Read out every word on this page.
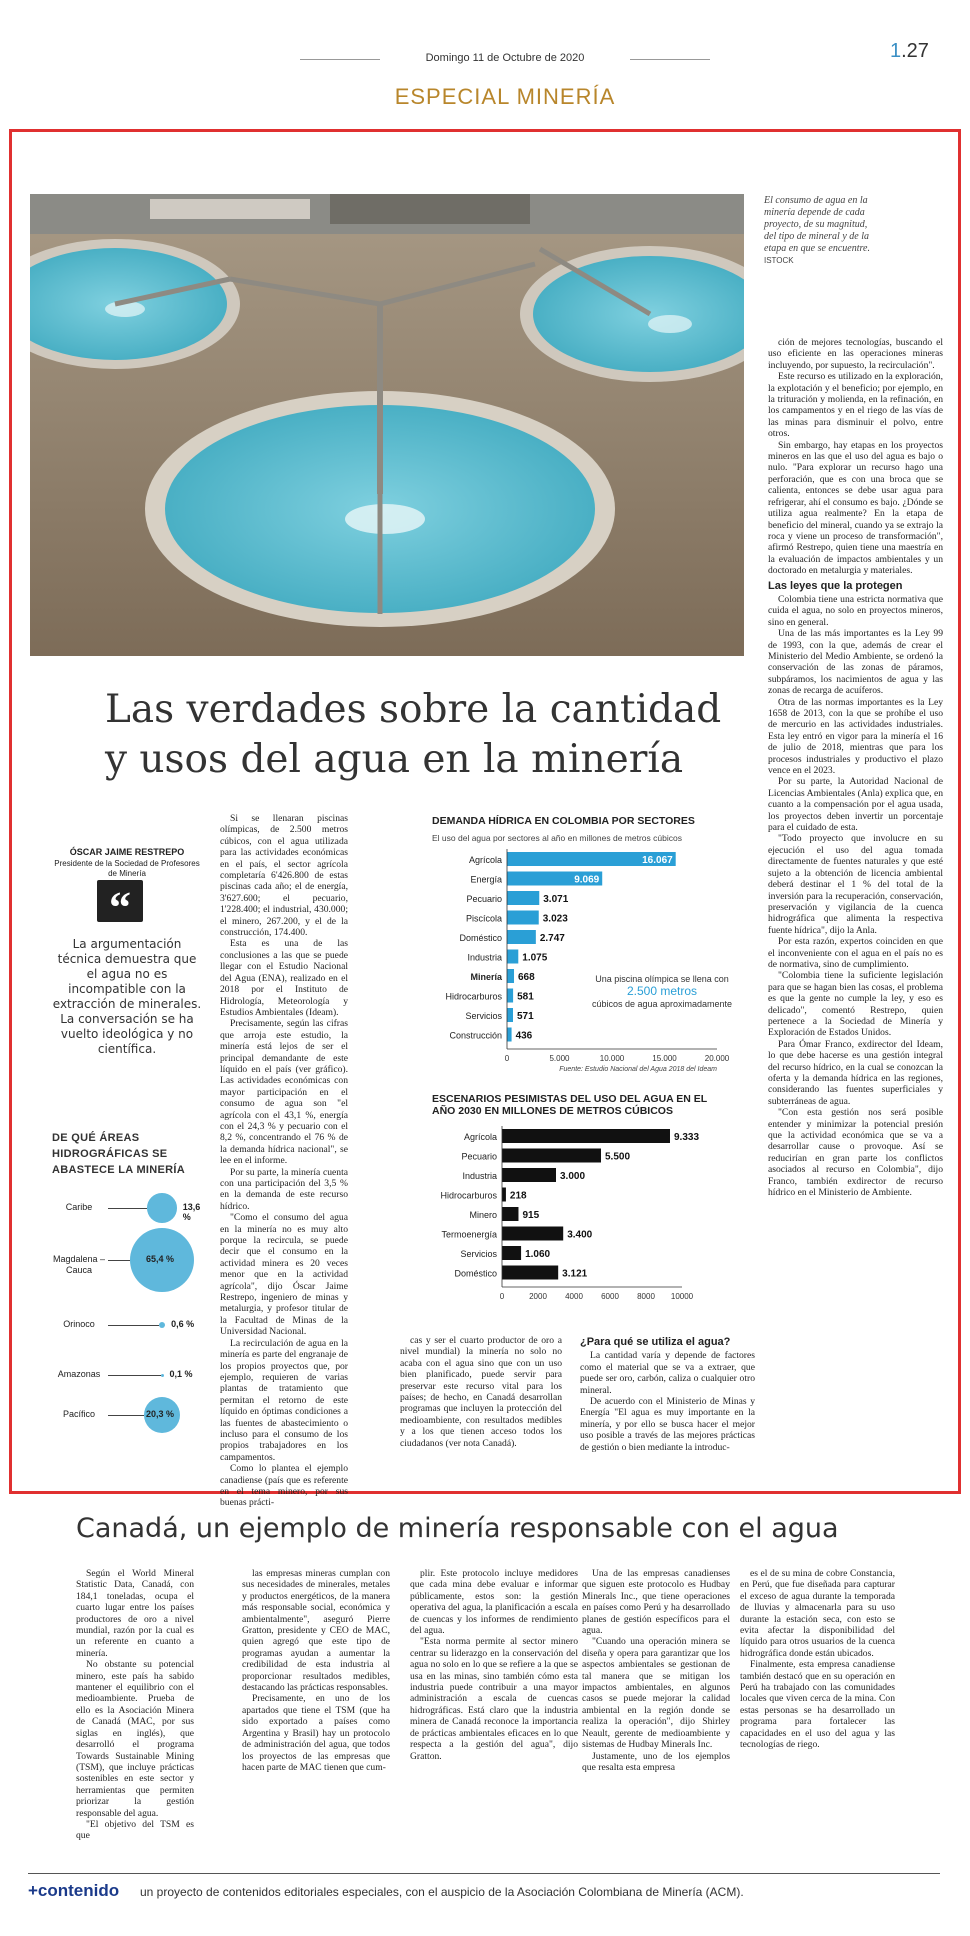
Domingo 11 de Octubre de 2020	1.27
ESPECIAL MINERÍA
El consumo de agua en la minería depende de cada proyecto, de su magnitud, del tipo de mineral y de la etapa en que se encuentre. ISTOCK
Las verdades sobre la cantidad
y usos del agua en la minería
ÓSCAR JAIME RESTREPO
Presidente de la Sociedad de Profesores de Minería
“
La argumentación técnica demuestra que el agua no es incompatible con la extracción de minerales. La conversación se ha vuelto ideológica y no científica.
DE QUÉ ÁREAS HIDROGRÁFICAS SE ABASTECE LA MINERÍA
Caribe	13,6 %
Magdalena –Cauca
65,4 %
Orinoco	0,6 %
Amazonas	0,1 %
Pacífico	20,3 %

Si se llenaran piscinas olímpicas, de 2.500 metros cúbicos, con el agua utilizada para las actividades económicas en el país, el sector agrícola completaría 6'426.800 de estas piscinas cada año; el de energía, 3'627.600; el pecuario, 1'228.400; el industrial, 430.000; el minero, 267.200, y el de la construcción, 174.400.

Esta es una de las conclusiones a las que se puede llegar con el Estudio Nacional del Agua (ENA), realizado en el 2018 por el Instituto de Hidrología, Meteorología y Estudios Ambientales (Ideam).

Precisamente, según las cifras que arroja este estudio, la minería está lejos de ser el principal demandante de este líquido en el país (ver gráfico). Las actividades económicas con mayor participación en el consumo de agua son "el agrícola con el 43,1 %, energía con el 24,3 % y pecuario con el 8,2 %, concentrando el 76 % de la demanda hídrica nacional", se lee en el informe.

Por su parte, la minería cuenta con una participación del 3,5 % en la demanda de este recurso hídrico.

"Como el consumo del agua en la minería no es muy alto porque la recircula, se puede decir que el consumo en la actividad minera es 20 veces menor que en la actividad agrícola", dijo Óscar Jaime Restrepo, ingeniero de minas y metalurgia, y profesor titular de la Facultad de Minas de la Universidad Nacional.

La recirculación de agua en la minería es parte del engranaje de los propios proyectos que, por ejemplo, requieren de varias plantas de tratamiento que permitan el retorno de este líquido en óptimas condiciones a las fuentes de abastecimiento o incluso para el consumo de los propios trabajadores en los campamentos.

Como lo plantea el ejemplo canadiense (país que es referente en el tema minero, por sus buenas prácti-

DEMANDA HÍDRICA EN COLOMBIA POR SECTORES
El uso del agua por sectores al año en millones de metros cúbicos
Agrícola	16.067
Energía	9.069
Pecuario	3.071
Piscícola	3.023
Doméstico	2.747
Industria 1.075
Minería 668
Hidrocarburos 581
Servicios 571
Construcción 436
0	5.000	10.000	15.000	20.000
Fuente: Estudio Nacional del Agua 2018 del Ideam
Una piscina olímpica se llena con
2.500 metros
cúbicos de agua aproximadamente
ESCENARIOS PESIMISTAS DEL USO DEL AGUA EN EL AÑO 2030 EN MILLONES DE METROS CÚBICOS
Agrícola	9.333
Pecuario	5.500
Industria	3.000
Hidrocarburos 218
Minero	915
Termoenergía	3.400
Servicios	1.060
Doméstico	3.121
0	2000 4000 6000 8000 10000

cas y ser el cuarto productor de oro a nivel mundial) la minería no solo no acaba con el agua sino que con un uso bien planificado, puede servir para preservar este recurso vital para los países; de hecho, en Canadá desarrollan programas que incluyen la protección del medioambiente, con resultados medibles y a los que tienen acceso todos los ciudadanos (ver nota Canadá).

¿Para qué se utiliza el agua?

La cantidad varía y depende de factores como el material que se va a extraer, que puede ser oro, carbón, caliza o cualquier otro mineral.

De acuerdo con el Ministerio de Minas y Energía "El agua es muy importante en la minería, y por ello se busca hacer el mejor uso posible a través de las mejores prácticas de gestión o bien mediante la introduc-

ción de mejores tecnologías, buscando el uso eficiente en las operaciones mineras incluyendo, por supuesto, la recirculación".

Este recurso es utilizado en la exploración, la explotación y el beneficio; por ejemplo, en la trituración y molienda, en la refinación, en los campamentos y en el riego de las vías de las minas para disminuir el polvo, entre otros.

Sin embargo, hay etapas en los proyectos mineros en las que el uso del agua es bajo o nulo. "Para explorar un recurso hago una perforación, que es con una broca que se calienta, entonces se debe usar agua para refrigerar, ahí el consumo es bajo. ¿Dónde se utiliza agua realmente? En la etapa de beneficio del mineral, cuando ya se extrajo la roca y viene un proceso de transformación", afirmó Restrepo, quien tiene una maestría en la evaluación de impactos ambientales y un doctorado en metalurgia y materiales.

Las leyes que la protegen

Colombia tiene una estricta normativa que cuida el agua, no solo en proyectos mineros, sino en general.

Una de las más importantes es la Ley 99 de 1993, con la que, además de crear el Ministerio del Medio Ambiente, se ordenó la conservación de las zonas de páramos, subpáramos, los nacimientos de agua y las zonas de recarga de acuíferos.

Otra de las normas importantes es la Ley 1658 de 2013, con la que se prohíbe el uso de mercurio en las actividades industriales. Esta ley entró en vigor para la minería el 16 de julio de 2018, mientras que para los procesos industriales y productivo el plazo vence en el 2023.

Por su parte, la Autoridad Nacional de Licencias Ambientales (Anla) explica que, en cuanto a la compensación por el agua usada, los proyectos deben invertir un porcentaje para el cuidado de esta.

"Todo proyecto que involucre en su ejecución el uso del agua tomada directamente de fuentes naturales y que esté sujeto a la obtención de licencia ambiental deberá destinar el 1 % del total de la inversión para la recuperación, conservación, preservación y vigilancia de la cuenca hidrográfica que alimenta la respectiva fuente hídrica", dijo la Anla.

Por esta razón, expertos coinciden en que el inconveniente con el agua en el país no es de normativa, sino de cumplimiento.

"Colombia tiene la suficiente legislación para que se hagan bien las cosas, el problema es que la gente no cumple la ley, y eso es delicado", comentó Restrepo, quien pertenece a la Sociedad de Minería y Exploración de Estados Unidos.

Para Ómar Franco, exdirector del Ideam, lo que debe hacerse es una gestión integral del recurso hídrico, en la cual se conozcan la oferta y la demanda hídrica en las regiones, considerando las fuentes superficiales y subterráneas de agua.

"Con esta gestión nos será posible entender y minimizar la potencial presión que la actividad económica que se va a desarrollar cause o provoque. Así se reducirían en gran parte los conflictos asociados al recurso en Colombia", dijo Franco, también exdirector de recurso hídrico en el Ministerio de Ambiente.

Canadá, un ejemplo de minería responsable con el agua

Según el World Mineral Statistic Data, Canadá, con 184,1 toneladas, ocupa el cuarto lugar entre los países productores de oro a nivel mundial, razón por la cual es un referente en cuanto a minería.

No obstante su potencial minero, este país ha sabido mantener el equilibrio con el medioambiente. Prueba de ello es la Asociación Minera de Canadá (MAC, por sus siglas en inglés), que desarrolló el programa Towards Sustainable Mining (TSM), que incluye prácticas sostenibles en este sector y herramientas que permiten priorizar la gestión responsable del agua.

"El objetivo del TSM es que

las empresas mineras cumplan con sus necesidades de minerales, metales y productos energéticos, de la manera más responsable social, económica y ambientalmente", aseguró Pierre Gratton, presidente y CEO de MAC, quien agregó que este tipo de programas ayudan a aumentar la credibilidad de esta industria al proporcionar resultados medibles, destacando las prácticas responsables.

Precisamente, en uno de los apartados que tiene el TSM (que ha sido exportado a países como Argentina y Brasil) hay un protocolo de administración del agua, que todos los proyectos de las empresas que hacen parte de MAC tienen que cum-

plir. Este protocolo incluye medidores que cada mina debe evaluar e informar públicamente, estos son: la gestión operativa del agua, la planificación a escala de cuencas y los informes de rendimiento del agua.

"Esta norma permite al sector minero centrar su liderazgo en la conservación del agua no solo en lo que se refiere a la que se usa en las minas, sino también cómo esta industria puede contribuir a una mayor administración a escala de cuencas hidrográficas. Está claro que la industria minera de Canadá reconoce la importancia de prácticas ambientales eficaces en lo que respecta a la gestión del agua", dijo Gratton.

Una de las empresas canadienses que siguen este protocolo es Hudbay Minerals Inc., que tiene operaciones en países como Perú y ha desarrollado planes de gestión específicos para el agua.

"Cuando una operación minera se diseña y opera para garantizar que los aspectos ambientales se gestionan de tal manera que se mitigan los impactos ambientales, en algunos casos se puede mejorar la calidad ambiental en la región donde se realiza la operación", dijo Shirley Neault, gerente de medioambiente y sistemas de Hudbay Minerals Inc.

Justamente, uno de los ejemplos que resalta esta empresa

es el de su mina de cobre Constancia, en Perú, que fue diseñada para capturar el exceso de agua durante la temporada de lluvias y almacenarla para su uso durante la estación seca, con esto se evita afectar la disponibilidad del líquido para otros usuarios de la cuenca hidrográfica donde están ubicados.

Finalmente, esta empresa canadiense también destacó que en su operación en Perú ha trabajado con las comunidades locales que viven cerca de la mina. Con estas personas se ha desarrollado un programa para fortalecer las capacidades en el uso del agua y las tecnologías de riego.

+contenido un proyecto de contenidos editoriales especiales, con el auspicio de la Asociación Colombiana de Minería (ACM).
